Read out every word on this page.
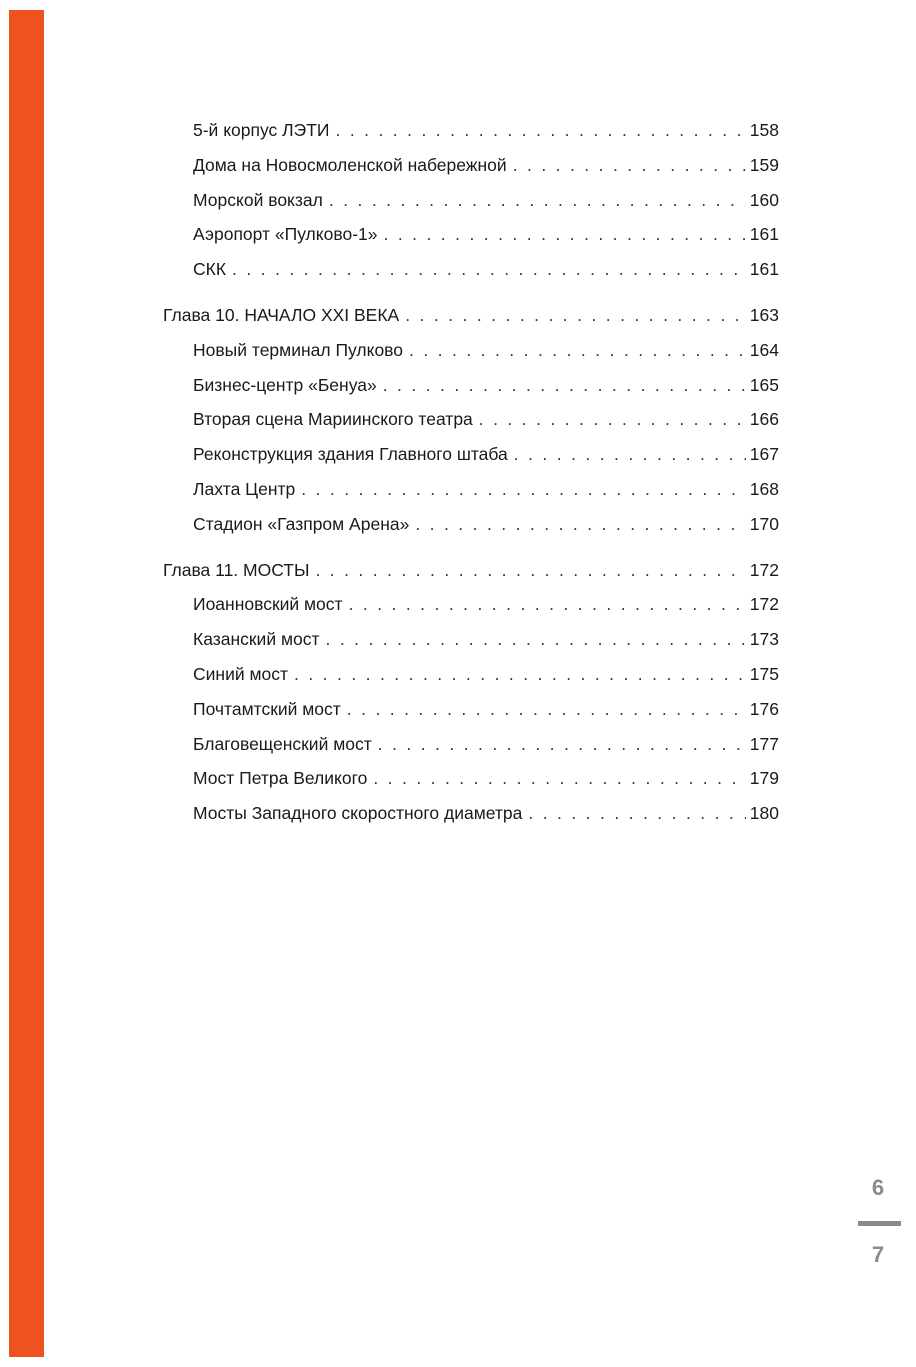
5-й корпус ЛЭТИ . . .	158
Дома на Новосмоленской набережной . . .	159
Морской вокзал . . .	160
Аэропорт «Пулково-1» . . .	161
СКК . . .	161
Глава 10. НАЧАЛО XXI ВЕКА . . .	163
Новый терминал Пулково . . .	164
Бизнес-центр «Бенуа» . . .	165
Вторая сцена Мариинского театра . . .	166
Реконструкция здания Главного штаба . . .	167
Лахта Центр . . .	168
Стадион «Газпром Арена» . . .	170
Глава 11. МОСТЫ . . .	172
Иоанновский мост . . .	172
Казанский мост . . .	173
Синий мост . . .	175
Почтамтский мост . . .	176
Благовещенский мост . . .	177
Мост Петра Великого . . .	179
Мосты Западного скоростного диаметра . . .	180
6
7
